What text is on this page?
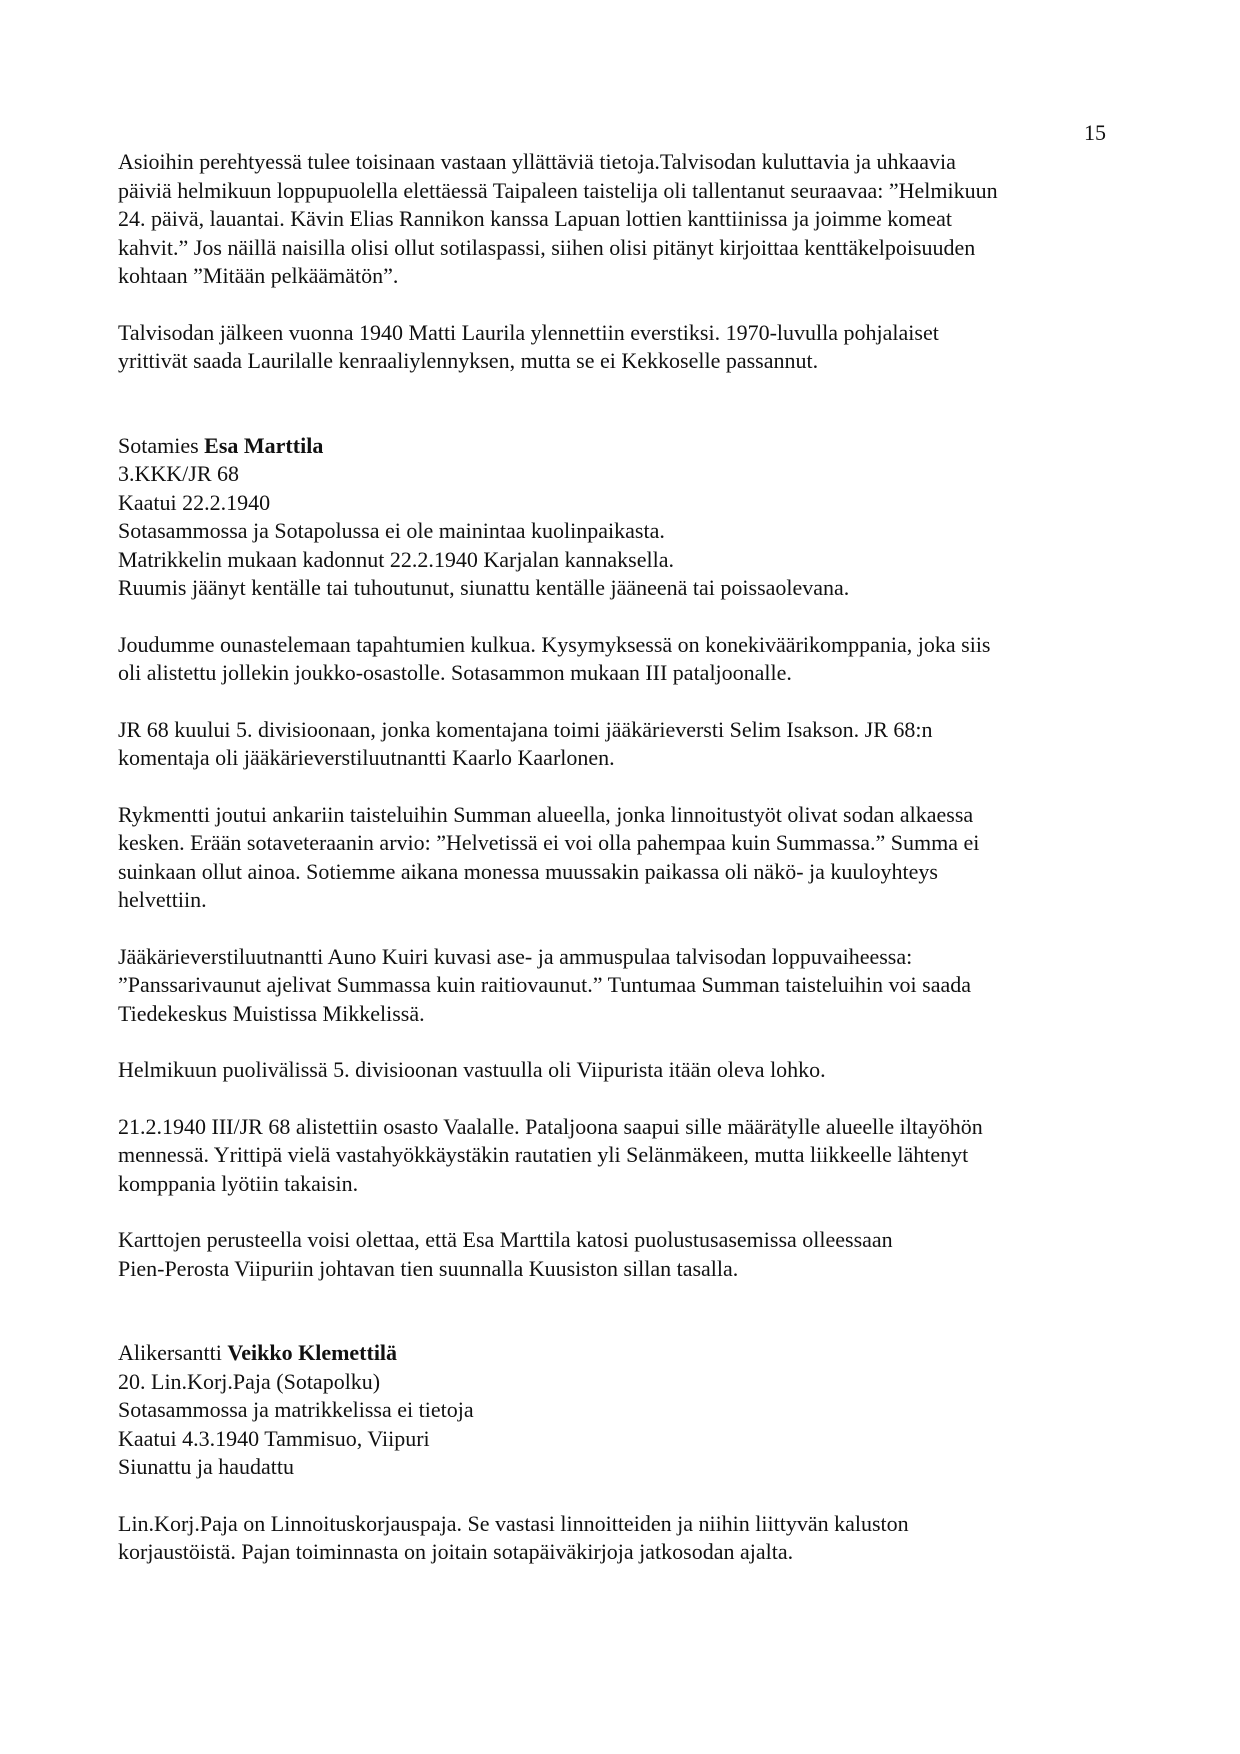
15
Asioihin perehtyessä tulee toisinaan vastaan yllättäviä tietoja.Talvisodan kuluttavia ja uhkaavia
päiviä helmikuun loppupuolella elettäessä Taipaleen taistelija oli tallentanut seuraavaa: ”Helmikuun
24. päivä, lauantai. Kävin Elias Rannikon kanssa Lapuan lottien kanttiinissa ja joimme komeat
kahvit.” Jos näillä naisilla olisi ollut sotilaspassi, siihen olisi pitänyt kirjoittaa kenttäkelpoisuuden
kohtaan ”Mitään pelkäämätön”.
Talvisodan jälkeen vuonna 1940 Matti Laurila ylennettiin everstiksi. 1970-luvulla pohjalaiset
yrittivät saada Laurilalle kenraaliylennyksen, mutta se ei Kekkoselle passannut.
Sotamies Esa Marttila
3.KKK/JR 68
Kaatui 22.2.1940
Sotasammossa ja Sotapolussa ei ole mainintaa kuolinpaikasta.
Matrikkelin mukaan kadonnut 22.2.1940 Karjalan kannaksella.
Ruumis jäänyt kentälle tai tuhoutunut, siunattu kentälle jääneenä tai poissaolevana.
Joudumme ounastelemaan tapahtumien kulkua. Kysymyksessä on konekiväärikomppania, joka siis
oli alistettu jollekin joukko-osastolle. Sotasammon mukaan III pataljoonalle.
JR 68 kuului 5. divisioonaan, jonka komentajana toimi jääkärieversti Selim Isakson. JR 68:n
komentaja oli jääkärieverstiluutnantti Kaarlo Kaarlonen.
Rykmentti joutui ankariin taisteluihin Summan alueella, jonka linnoitustyöt olivat sodan alkaessa
kesken. Erään sotaveteraanin arvio: ”Helvetissä ei voi olla pahempaa kuin Summassa.” Summa ei
suinkaan ollut ainoa. Sotiemme aikana monessa muussakin paikassa oli näkö- ja kuuloyhteys
helvettiin.
Jääkärieverstiluutnantti Auno Kuiri kuvasi ase- ja ammuspulaa talvisodan loppuvaiheessa:
”Panssarivaunut ajelivat Summassa kuin raitiovaunut.” Tuntumaa Summan taisteluihin voi saada
Tiedekeskus Muistissa Mikkelissä.
Helmikuun puolivälissä 5. divisioonan vastuulla oli Viipurista itään oleva lohko.
21.2.1940 III/JR 68 alistettiin osasto Vaalalle. Pataljoona saapui sille määrätylle alueelle iltayöhön
mennessä. Yrittipä vielä vastahyökkäystäkin rautatien yli Selänmäkeen, mutta liikkeelle lähtenyt
komppania lyötiin takaisin.
Karttojen perusteella voisi olettaa, että Esa Marttila katosi puolustusasemissa olleessaan
Pien-Perosta Viipuriin johtavan tien suunnalla Kuusiston sillan tasalla.
Alikersantti Veikko Klemettilä
20. Lin.Korj.Paja (Sotapolku)
Sotasammossa ja matrikkelissa ei tietoja
Kaatui 4.3.1940 Tammisuo, Viipuri
Siunattu ja haudattu
Lin.Korj.Paja on Linnoituskorjauspaja. Se vastasi linnoitteiden ja niihin liittyvän kaluston
korjaustöistä. Pajan toiminnasta on joitain sotapäiväkirjoja jatkosodan ajalta.
